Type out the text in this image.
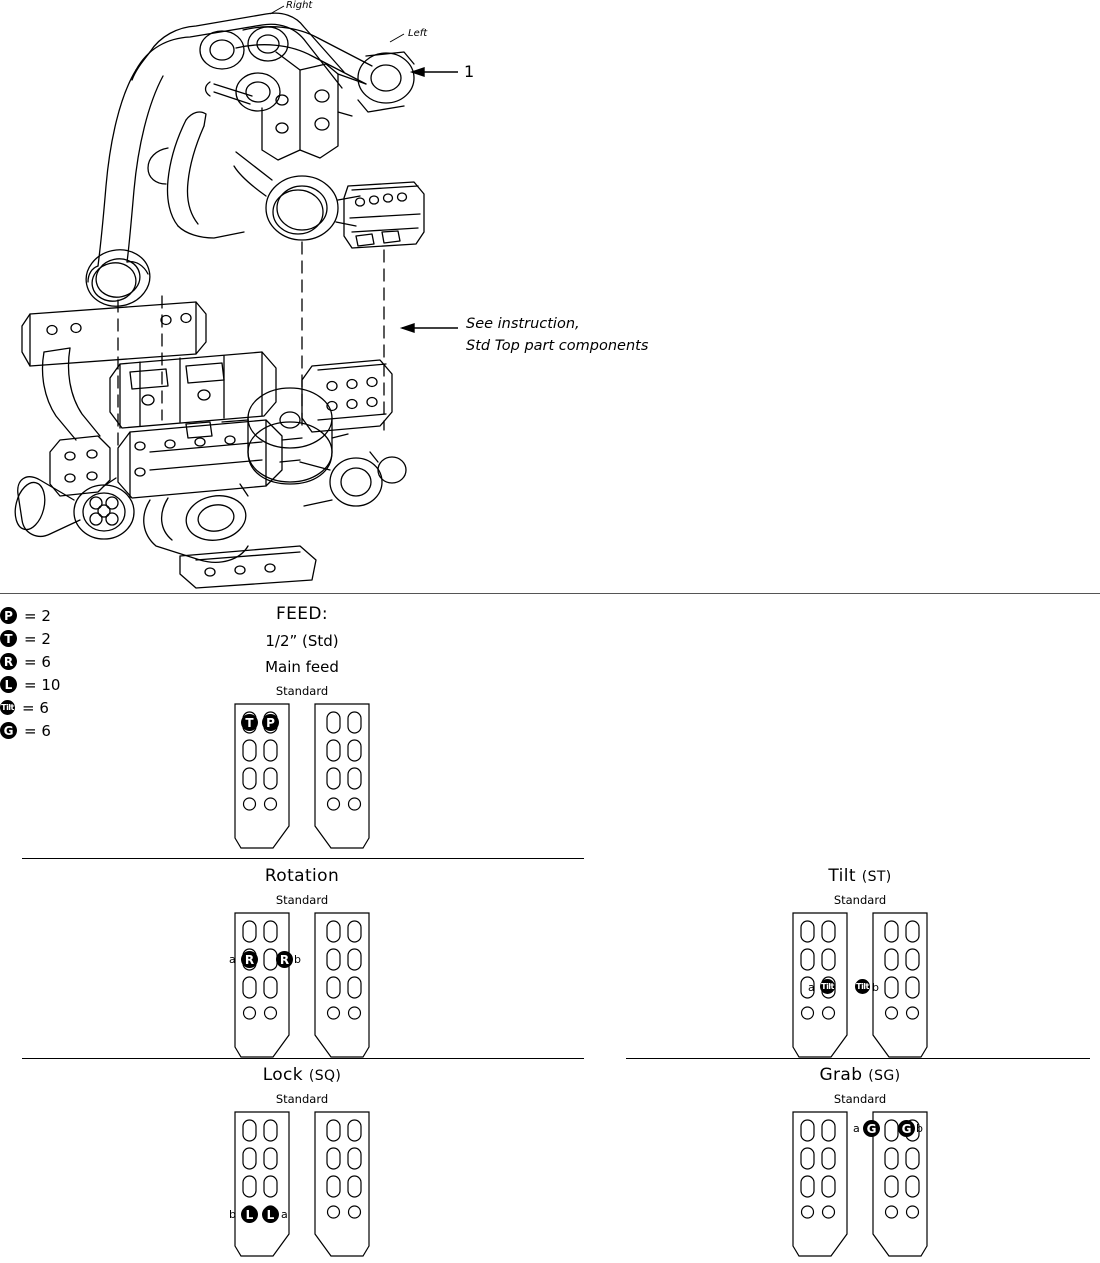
Right
Left
1
See instruction,
Std Top part components
P = 2
T = 2
R = 6
L = 10
Tilt = 6
G = 6
FEED:
1/2” (Std)
Main feed
Standard
T	P
Rotation
Standard
a R	R b
Tilt (ST)
Standard
a Tilt	Tilt b
Lock (SQ)
Standard
b L	L a
Grab (SG)
Standard
a G G b
